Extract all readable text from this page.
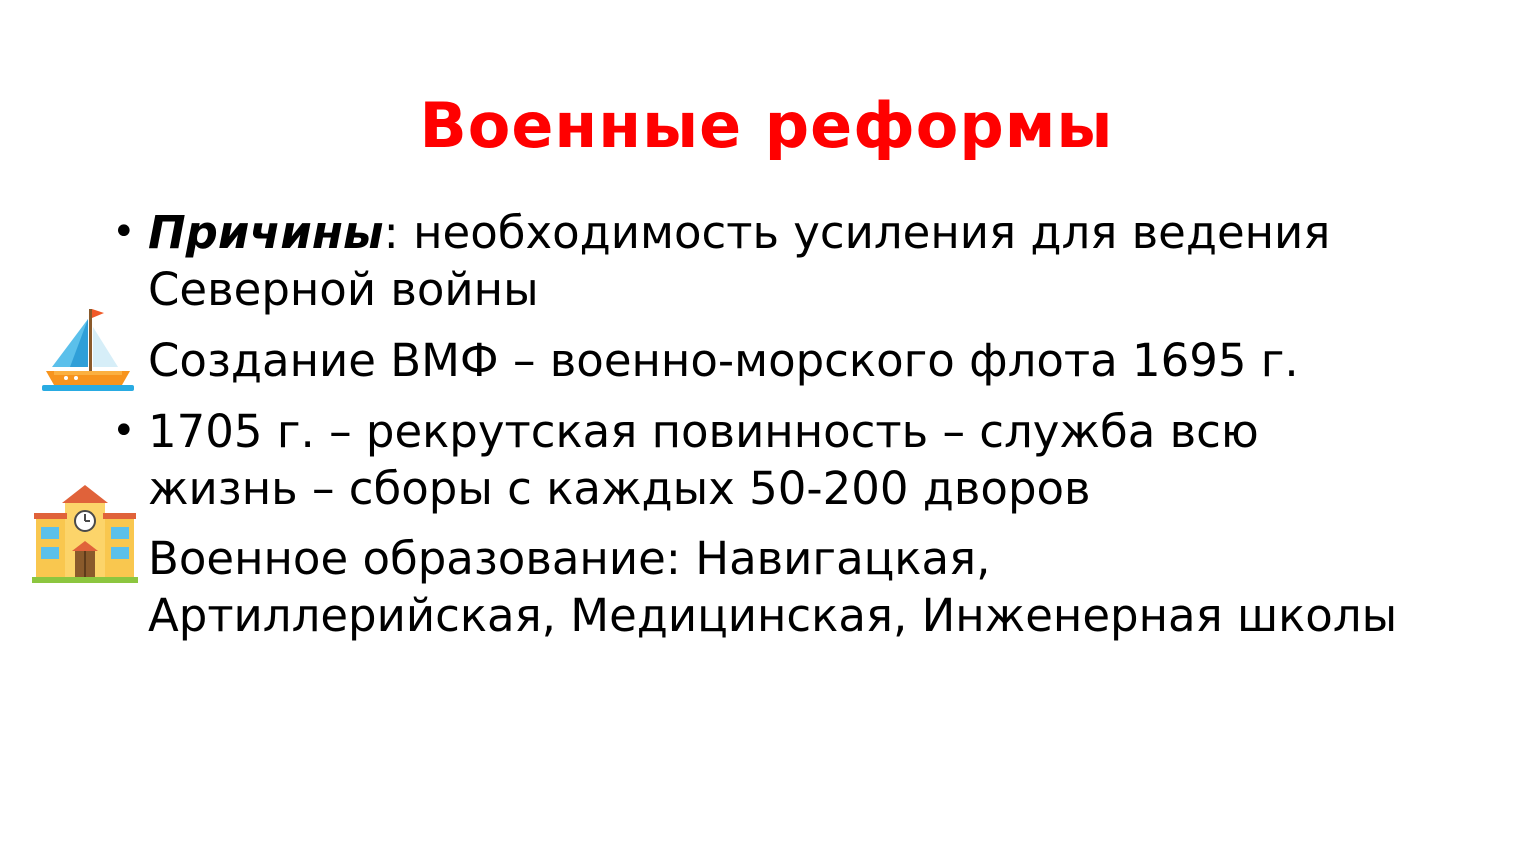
Военные реформы
• Причины: необходимость усиления для ведения Северной войны
Создание ВМФ – военно-морского флота 1695 г.
• 1705 г. – рекрутская повинность – служба всю жизнь – сборы с каждых 50-200 дворов
Военное образование: Навигацкая, Артиллерийская, Медицинская, Инженерная школы
